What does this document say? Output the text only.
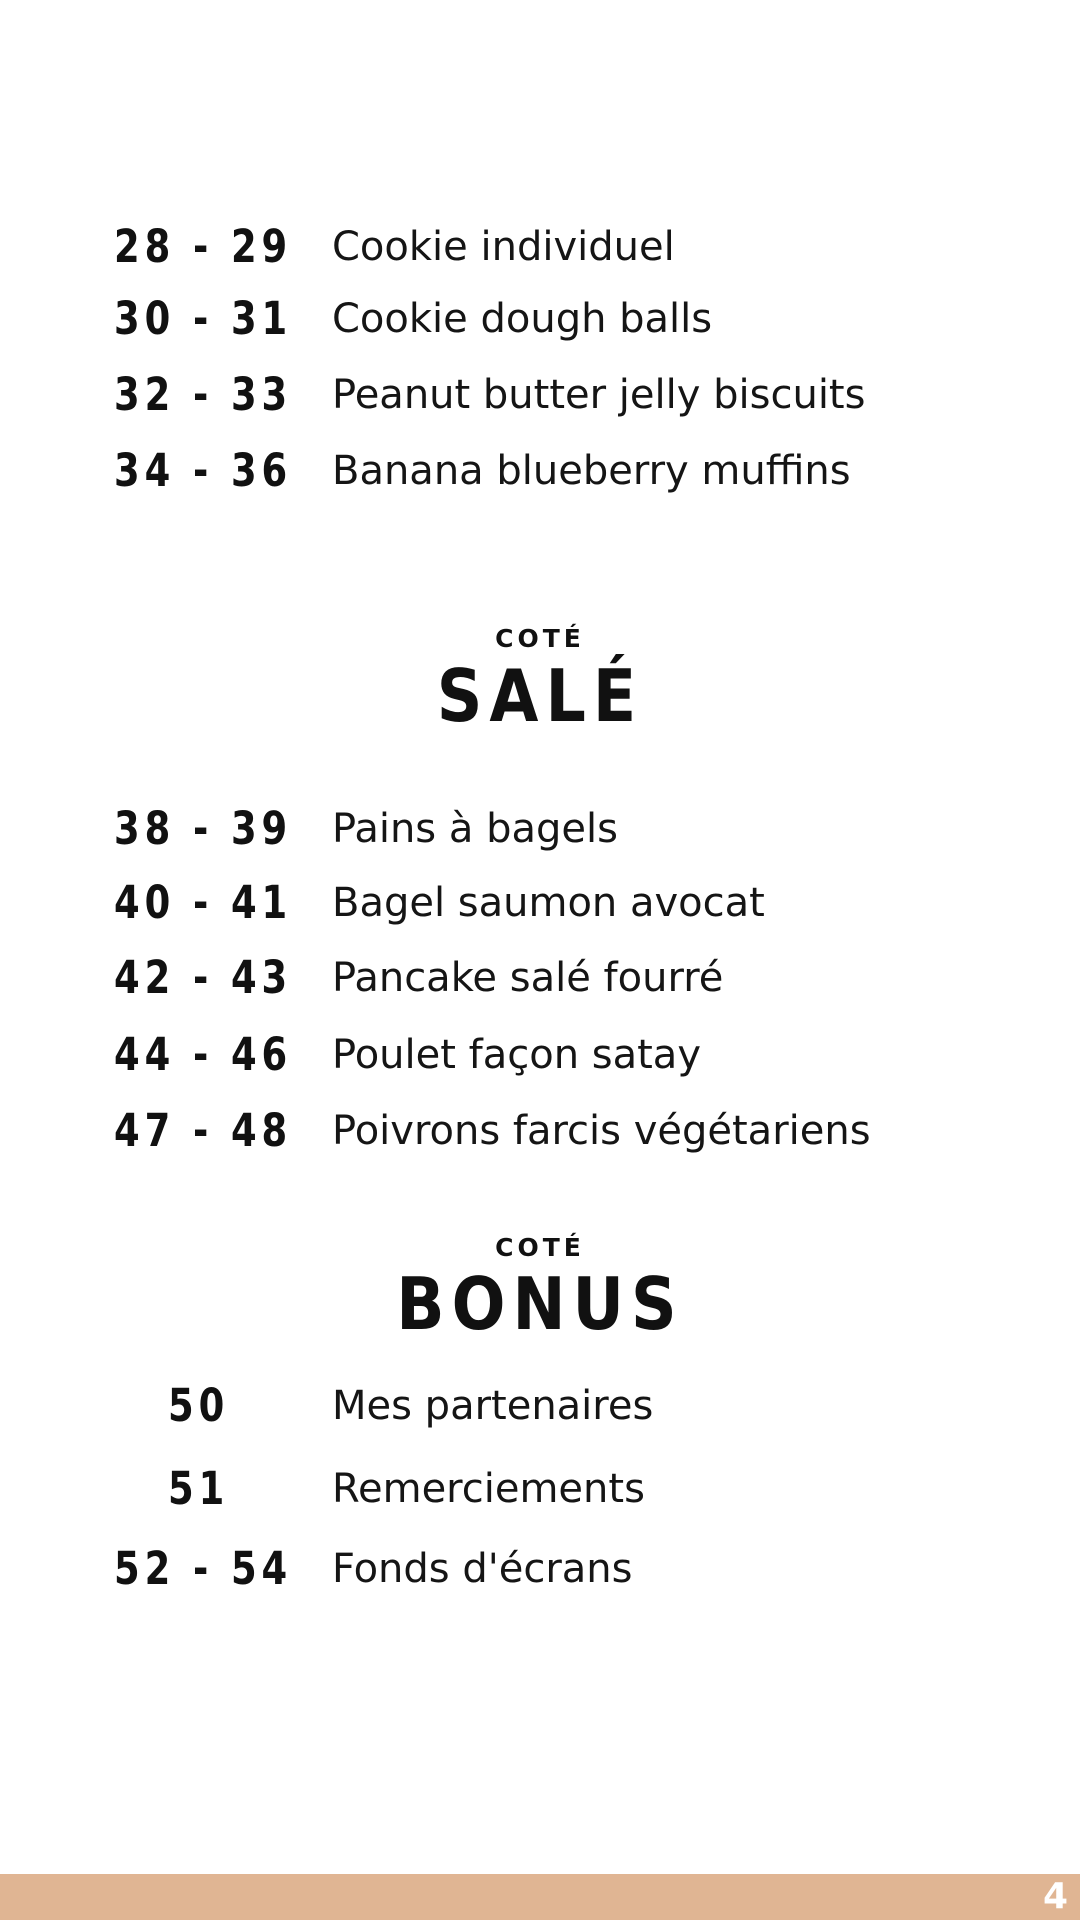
28 - 29 Cookie individuel
30 - 31 Cookie dough balls
32 - 33 Peanut butter jelly biscuits
34 - 36 Banana blueberry muffins
COTÉ
SALÉ
38 - 39 Pains à bagels
40 - 41 Bagel saumon avocat
42 - 43 Pancake salé fourré
44 - 46 Poulet façon satay
47 - 48 Poivrons farcis végétariens
COTÉ
BONUS
50	Mes partenaires
51	Remerciements
52 - 54 Fonds d'écrans
4
